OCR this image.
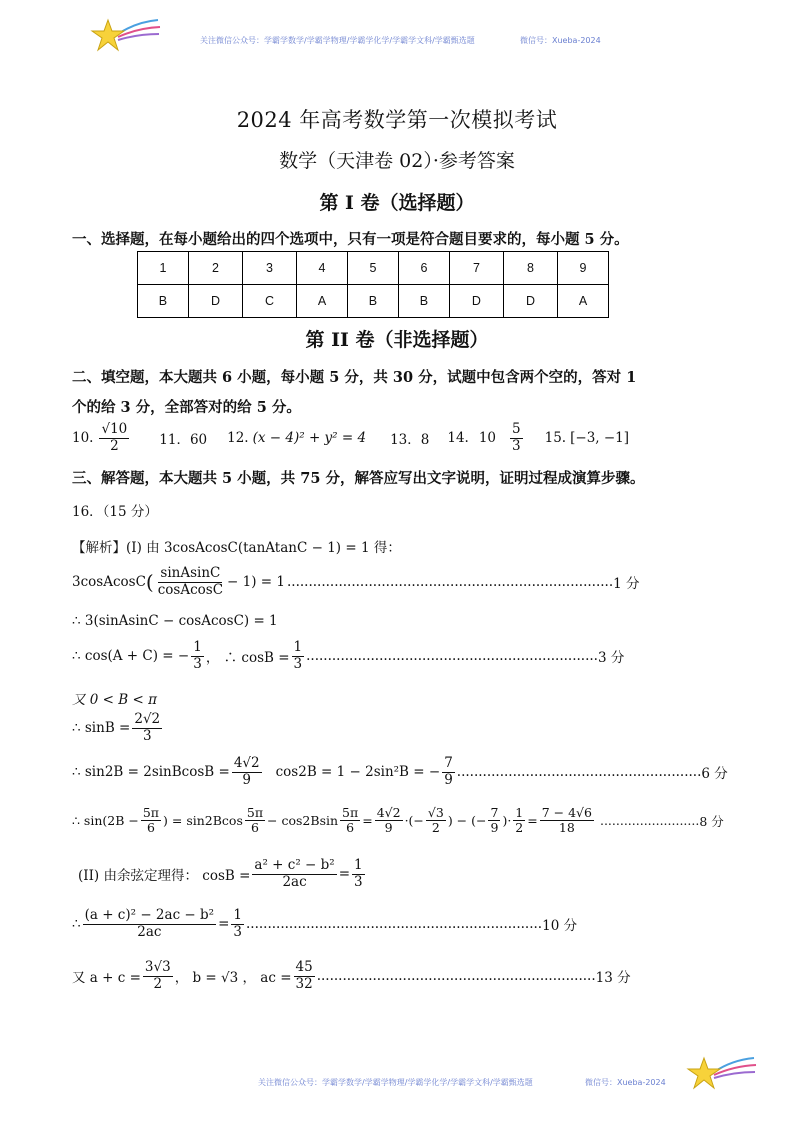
关注微信公众号：学霸学数学/学霸学物理/学霸学化学/学霸学文科/学霸甄选题	微信号：Xueba-2024
2024 年高考数学第一次模拟考试
数学（天津卷 02）·参考答案
第 I 卷（选择题）
一、选择题，在每小题给出的四个选项中，只有一项是符合题目要求的，每小题 5 分。
1	2	3	4	5	6	7	8	9
B	D	C	A	B	B	D	D	A
第 II 卷（非选择题）
二、填空题，本大题共 6 小题，每小题 5 分，共 30 分，试题中包含两个空的，答对 1
个的给 3 分，全部答对的给 5 分。
10. $\frac{√10}{2} 11$．60 12. (x − 4)² + y² = 4 13．8 14. $10 \frac{5}{3} 15$. [−3, −1]
三、解答题，本大题共 5 小题，共 75 分，解答应写出文字说明，证明过程成演算步骤。
16．（15 分）
【解析】(I) 由 3cosAcosC(tanAtanC − 1) = 1 得：
3cosAcosC ( $\frac{\text{sinAsinC}}{\text{cosAcosC}} - 1) = 1$ ............................................................................ 1 分
∴ 3(sinAsinC − cosAcosC) = 1
∴ cos(A + C) = − $\frac{1}{3}$ ， ∴ $\cos B = \frac{1}{3}$ .................................................................... 3 分
又 0 < B < π
∴ $\sin B = \frac{2√2}{3}$
∴ sin2B = 2sinBcosB = $\frac{4√2}{9} \cos 2B = 1 - 2\sin^2B$ = − $\frac{7}{9}$ ......................................................... 6 分
∴ $\sin(2B - \frac{5\pi}{6}$ ) = $\sin 2Bcos \frac{5\pi}{6} - \cos 2Bsin \frac{5\pi}{6} = \frac{4√2}{9}$ ·(− $\frac{√3}{2}$ ) − (− $\frac{7}{9}$ )· $\frac{1}{2} = \frac{7 - 4√6}{18}$ ......................... 8 分
(II) 由余弦定理得： $\cos B = \frac{\text{a² + c² − b²}}{2ac} = \frac{1}{3}$
∴ $\frac{\text{(a + c)² − 2ac − b²}}{2ac} = \frac{1}{3}$ ..................................................................... 10 分
又 $a + c = \frac{3√3}{2}$ ， b = √3 ， ac = $\frac{45}{32}$ ................................................................. 13 分
关注微信公众号：学霸学数学/学霸学物理/学霸学化学/学霸学文科/学霸甄选题	微信号：Xueba-2024
